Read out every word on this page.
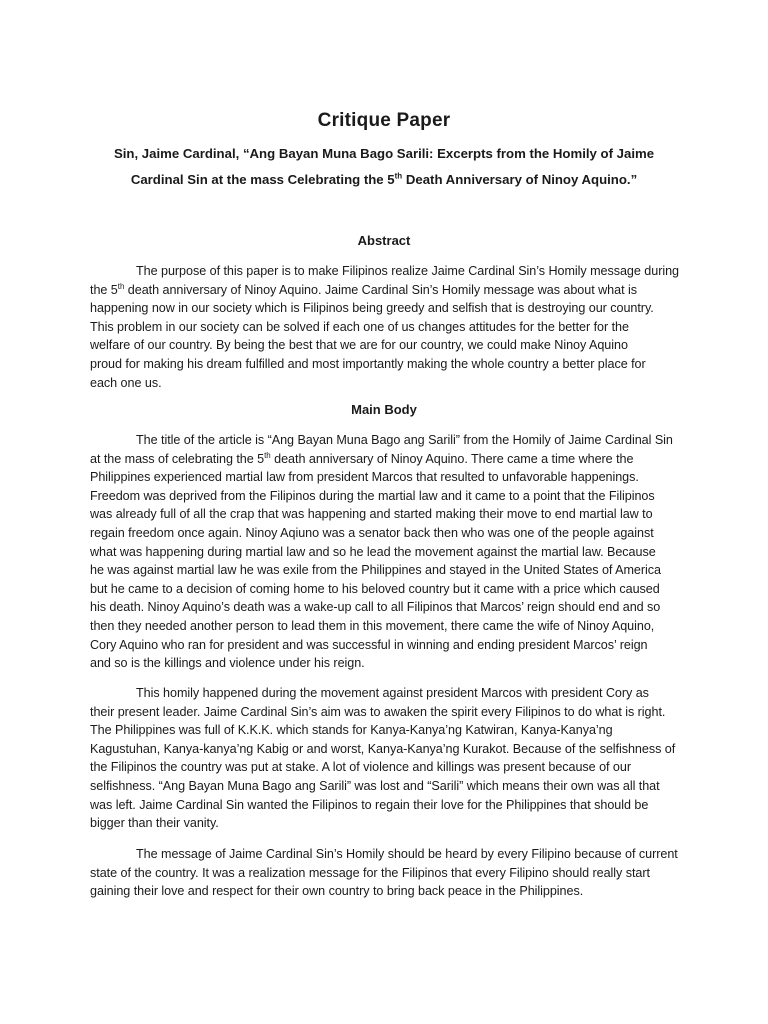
Critique Paper
Sin, Jaime Cardinal, “Ang Bayan Muna Bago Sarili: Excerpts from the Homily of Jaime
Cardinal Sin at the mass Celebrating the 5th Death Anniversary of Ninoy Aquino.”
Abstract
The purpose of this paper is to make Filipinos realize Jaime Cardinal Sin’s Homily message during
the 5th death anniversary of Ninoy Aquino. Jaime Cardinal Sin’s Homily message was about what is
happening now in our society which is Filipinos being greedy and selfish that is destroying our country.
This problem in our society can be solved if each one of us changes attitudes for the better for the
welfare of our country. By being the best that we are for our country, we could make Ninoy Aquino
proud for making his dream fulfilled and most importantly making the whole country a better place for
each one us.
Main Body
The title of the article is “Ang Bayan Muna Bago ang Sarili” from the Homily of Jaime Cardinal Sin
at the mass of celebrating the 5th death anniversary of Ninoy Aquino. There came a time where the
Philippines experienced martial law from president Marcos that resulted to unfavorable happenings.
Freedom was deprived from the Filipinos during the martial law and it came to a point that the Filipinos
was already full of all the crap that was happening and started making their move to end martial law to
regain freedom once again. Ninoy Aqiuno was a senator back then who was one of the people against
what was happening during martial law and so he lead the movement against the martial law. Because
he was against martial law he was exile from the Philippines and stayed in the United States of America
but he came to a decision of coming home to his beloved country but it came with a price which caused
his death. Ninoy Aquino’s death was a wake-up call to all Filipinos that Marcos’ reign should end and so
then they needed another person to lead them in this movement, there came the wife of Ninoy Aquino,
Cory Aquino who ran for president and was successful in winning and ending president Marcos’ reign
and so is the killings and violence under his reign.
This homily happened during the movement against president Marcos with president Cory as
their present leader. Jaime Cardinal Sin’s aim was to awaken the spirit every Filipinos to do what is right.
The Philippines was full of K.K.K. which stands for Kanya-Kanya’ng Katwiran, Kanya-Kanya’ng
Kagustuhan, Kanya-kanya’ng Kabig or and worst, Kanya-Kanya’ng Kurakot. Because of the selfishness of
the Filipinos the country was put at stake. A lot of violence and killings was present because of our
selfishness. “Ang Bayan Muna Bago ang Sarili” was lost and “Sarili” which means their own was all that
was left. Jaime Cardinal Sin wanted the Filipinos to regain their love for the Philippines that should be
bigger than their vanity.
The message of Jaime Cardinal Sin’s Homily should be heard by every Filipino because of current
state of the country. It was a realization message for the Filipinos that every Filipino should really start
gaining their love and respect for their own country to bring back peace in the Philippines.
